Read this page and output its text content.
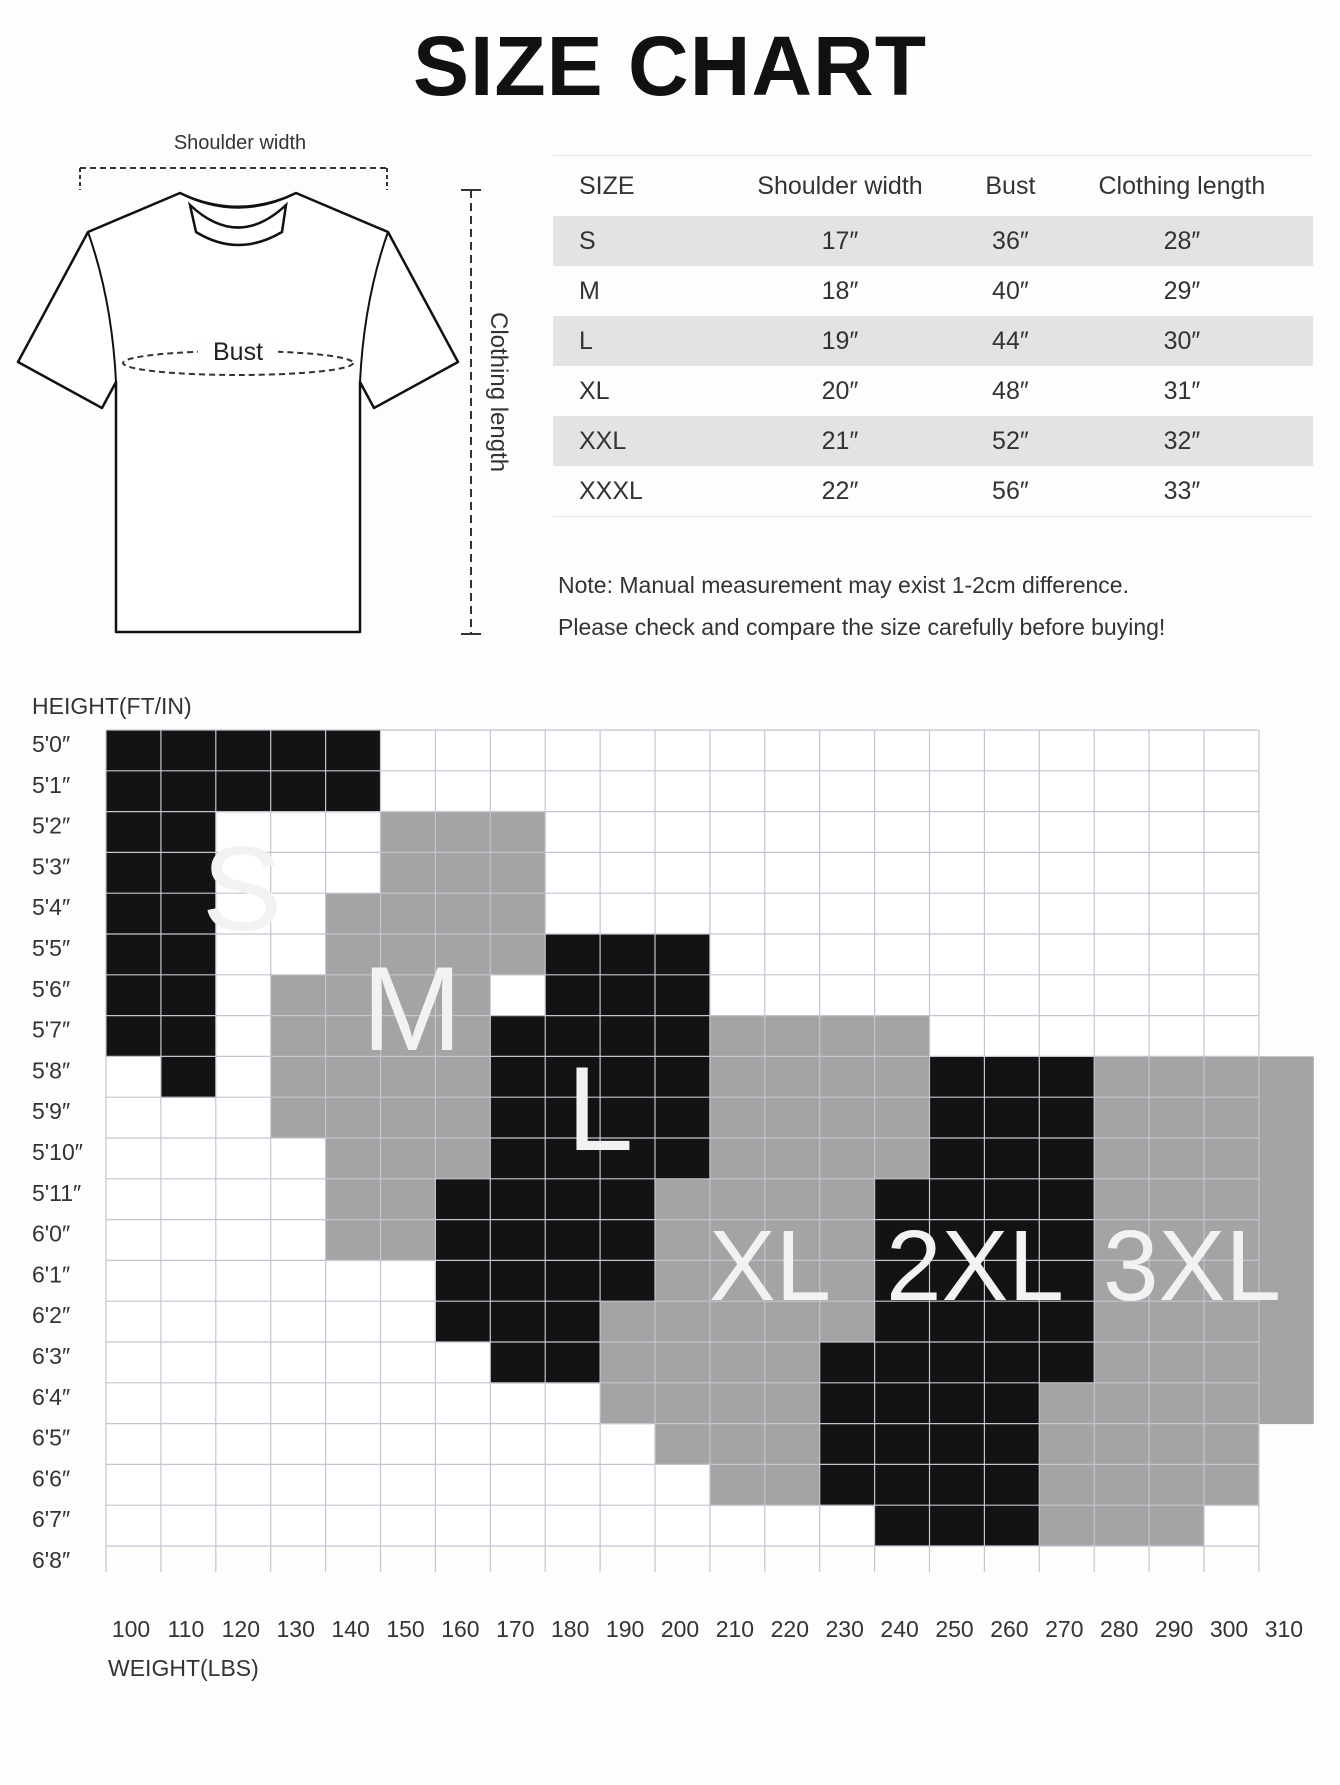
SIZE CHART
Shoulder width
Bust	Clothing length
SIZE	Shoulder width	Bust	Clothing length
S	17″	36″	28″
M	18″	40″	29″
L	19″	44″	30″
XL	20″	48″	31″
XXL	21″	52″	32″
XXXL	22″	56″	33″
Note: Manual measurement may exist 1-2cm difference.
Please check and compare the size carefully before buying!
HEIGHT(FT/IN)
WEIGHT(LBS)
S
M
L
XL 2XL 3XL
5'0″
5'1″
5'2″
5'3″
5'4″
5'5″
5'6″
5'7″
5'8″
5'9″
5'10″
5'11″
6'0″
6'1″
6'2″
6'3″
6'4″
6'5″
6'6″
6'7″
6'8″
100 110 120 130 140 150 160 170 180 190 200 210 220 230 240 250 260 270 280 290 300 310
